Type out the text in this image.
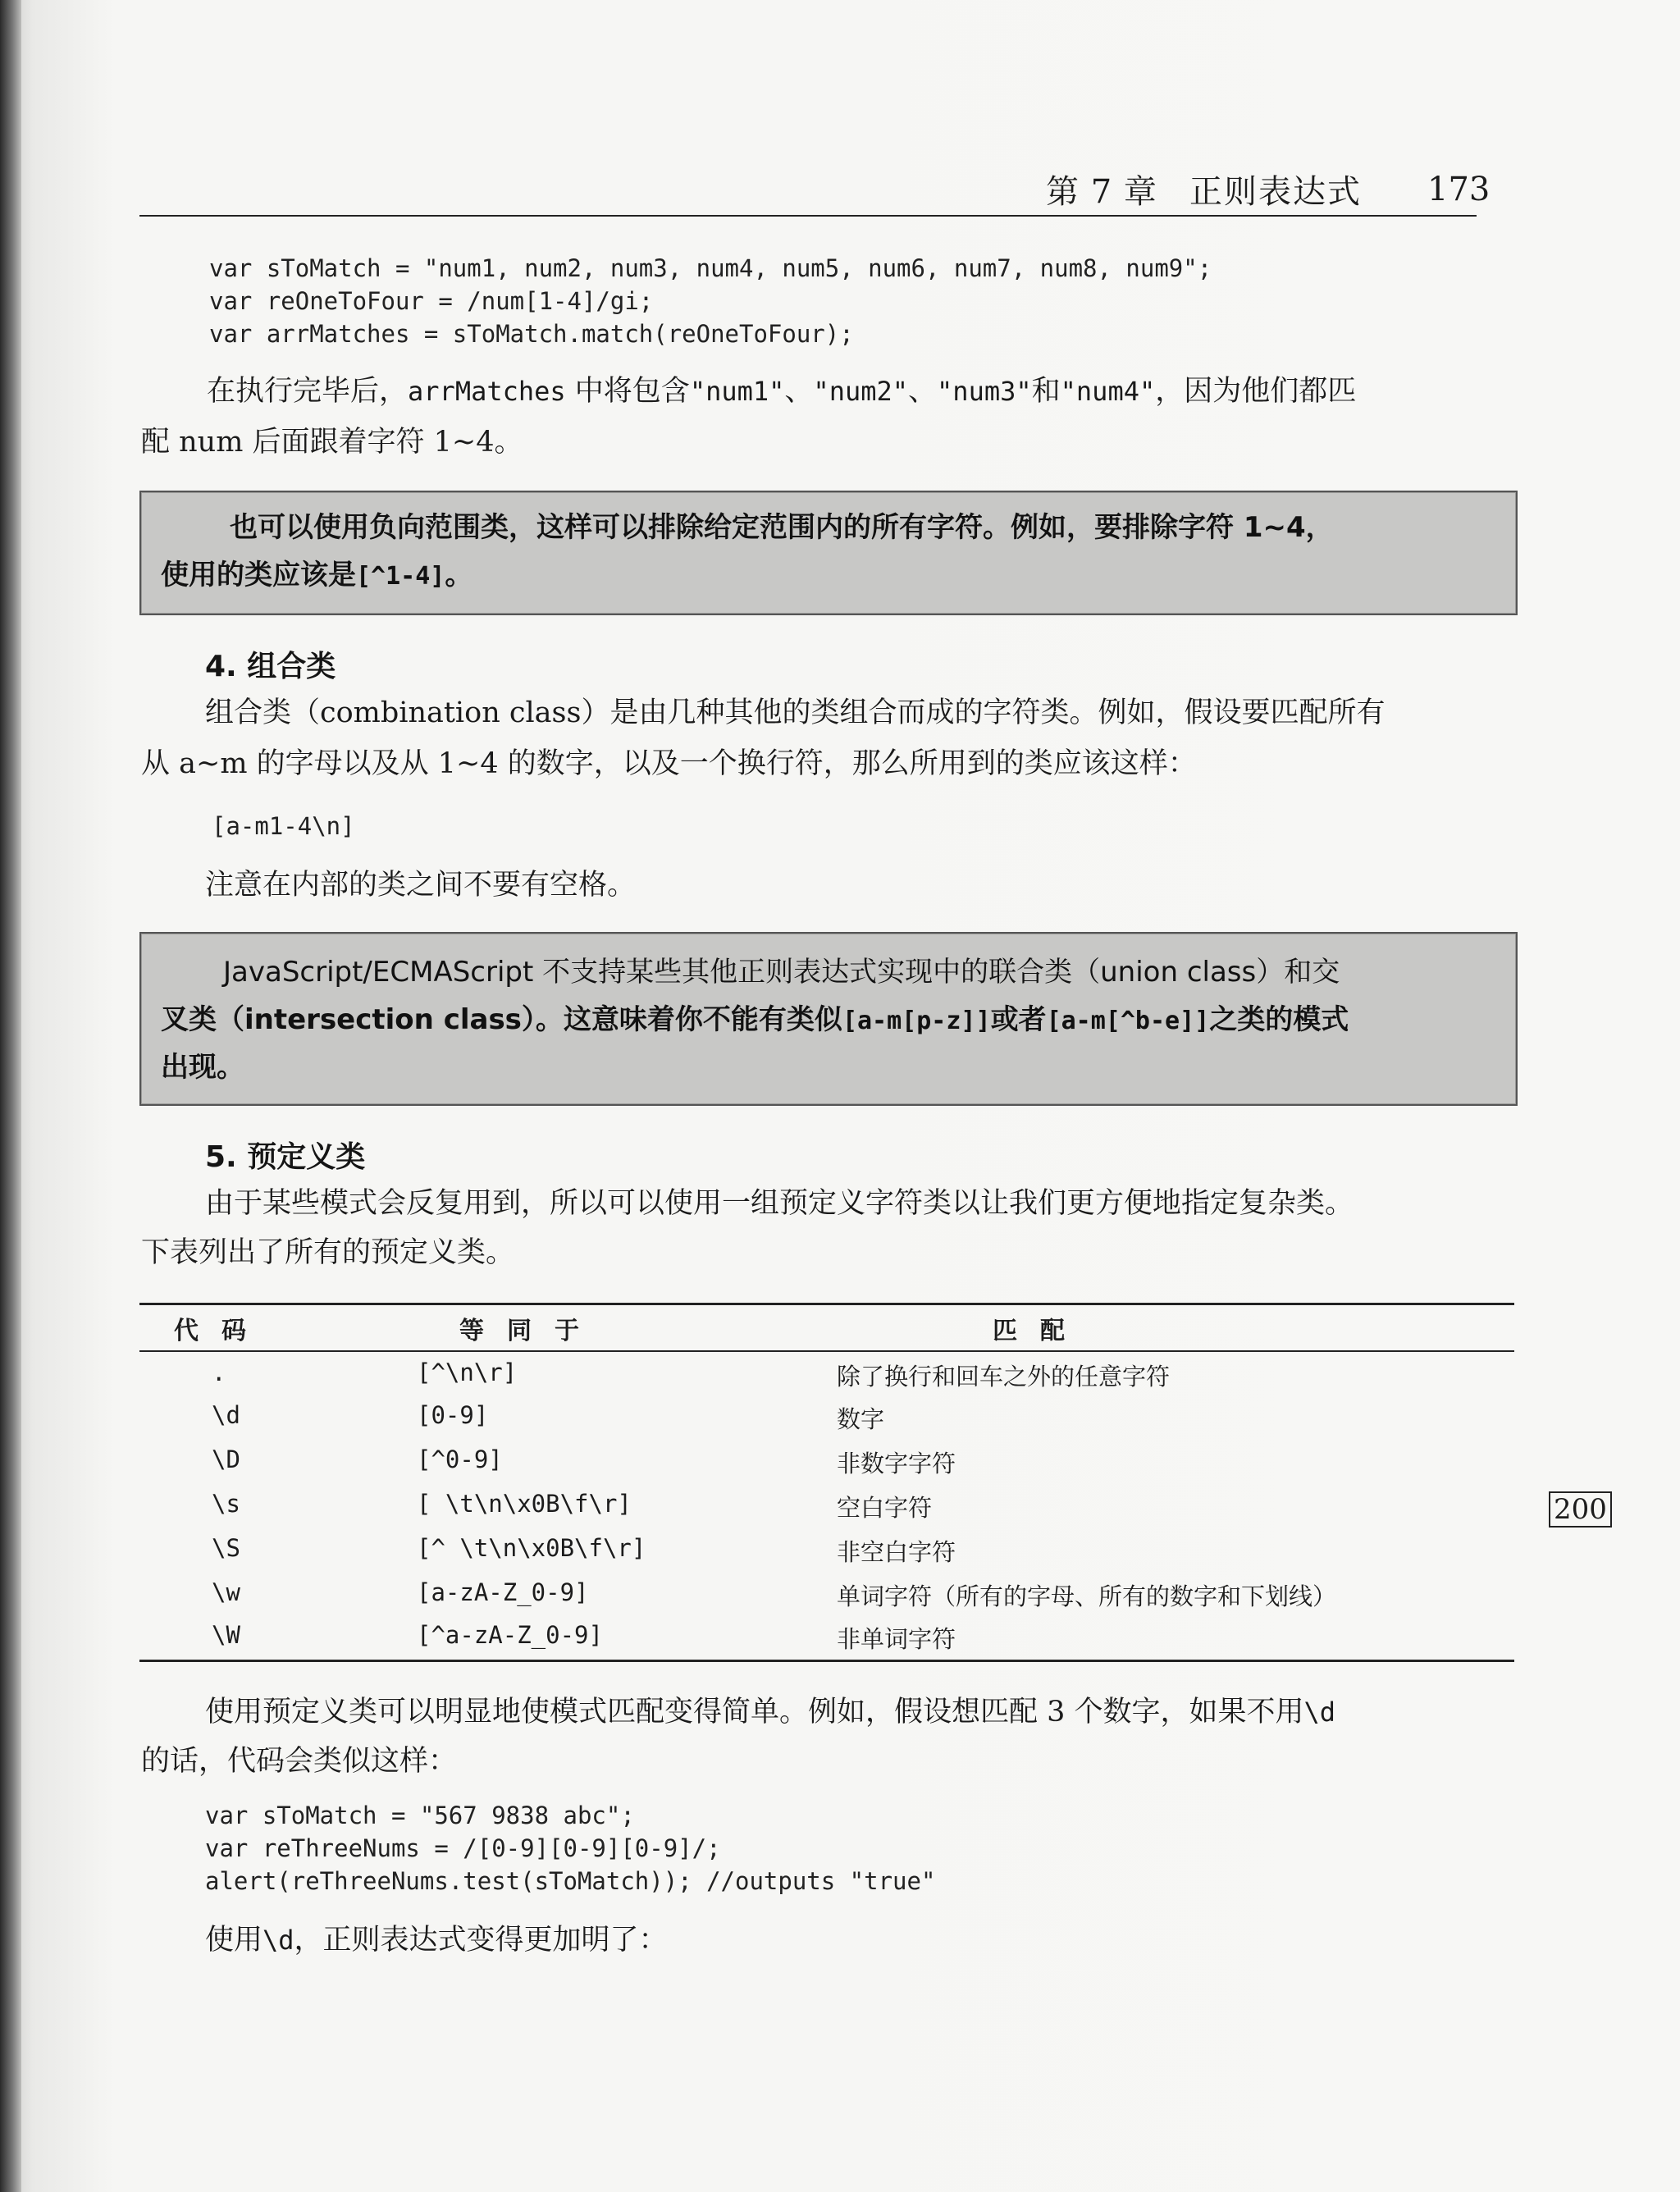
第 7 章 正则表达式 173
var sToMatch = "num1, num2, num3, num4, num5, num6, num7, num8, num9";
var reOneToFour = /num[1-4]/gi;
var arrMatches = sToMatch.match(reOneToFour);
在执行完毕后，arrMatches 中将包含"num1"、"num2"、"num3"和"num4"，因为他们都匹
配 num 后面跟着字符 1~4。
也可以使用负向范围类，这样可以排除给定范围内的所有字符。例如，要排除字符 1~4，
使用的类应该是[^1-4]。
4. 组合类
组合类（combination class）是由几种其他的类组合而成的字符类。例如，假设要匹配所有
从 a~m 的字母以及从 1~4 的数字，以及一个换行符，那么所用到的类应该这样：
[a-m1-4\n]
注意在内部的类之间不要有空格。
JavaScript/ECMAScript 不支持某些其他正则表达式实现中的联合类（union class）和交
叉类（intersection class）。这意味着你不能有类似[a-m[p-z]]或者[a-m[^b-e]]之类的模式
出现。
5. 预定义类
由于某些模式会反复用到，所以可以使用一组预定义字符类以让我们更方便地指定复杂类。
下表列出了所有的预定义类。
代码	等同于	匹配
.	[^\n\r]	除了换行和回车之外的任意字符
\d	[0-9]	数字
\D	[^0-9]	非数字字符
\s	[ \t\n\x0B\f\r]	空白字符
\S	[^ \t\n\x0B\f\r]	非空白字符
\w	[a-zA-Z_0-9]	单词字符（所有的字母、所有的数字和下划线）
\W	[^a-zA-Z_0-9]	非单词字符
200
使用预定义类可以明显地使模式匹配变得简单。例如，假设想匹配 3 个数字，如果不用\d
的话，代码会类似这样：
var sToMatch = "567 9838 abc";
var reThreeNums = /[0-9][0-9][0-9]/;
alert(reThreeNums.test(sToMatch)); //outputs "true"
使用\d，正则表达式变得更加明了：
